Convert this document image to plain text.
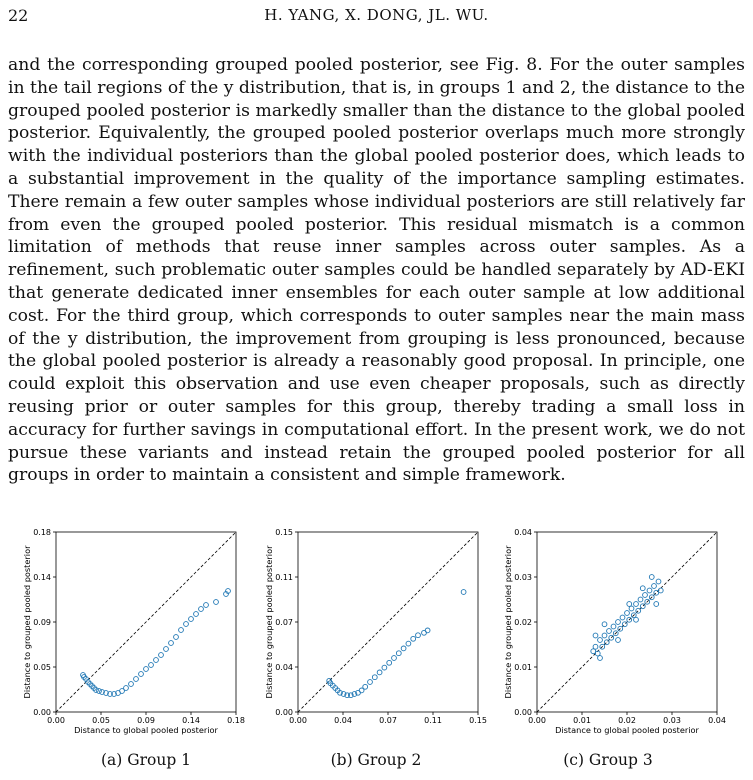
22	H. YANG, X. DONG, JL. WU.

and the corresponding grouped pooled posterior, see Fig. 8. For the outer samples in the tail regions of the y distribution, that is, in groups 1 and 2, the distance to the grouped pooled posterior is markedly smaller than the distance to the global pooled posterior. Equivalently, the grouped pooled posterior overlaps much more strongly with the individual posteriors than the global pooled posterior does, which leads to a substantial improvement in the quality of the importance sampling estimates. There remain a few outer samples whose individual posteriors are still relatively far from even the grouped pooled posterior. This residual mismatch is a common limitation of methods that reuse inner samples across outer samples. As a refinement, such problematic outer samples could be handled separately by AD-EKI that generate dedicated inner ensembles for each outer sample at low additional cost. For the third group, which corresponds to outer samples near the main mass of the y distribution, the improvement from grouping is less pronounced, because the global pooled posterior is already a reasonably good proposal. In principle, one could exploit this observation and use even cheaper proposals, such as directly reusing prior or outer samples for this group, thereby trading a small loss in accuracy for further savings in computational effort. In the present work, we do not pursue these variants and instead retain the grouped pooled posterior for all groups in order to maintain a consistent and simple framework.

0.00	0.05	0.09	0.14	0.18
0.00
0.05
0.09
0.14
0.18
Distance to global pooled posterior
Distance to grouped pooled posterior
0.00	0.04	0.07	0.11	0.15
0.00
0.04
0.07
0.11
0.15
Distance to grouped pooled posterior
0.00	0.01	0.02	0.03	0.04
0.00
0.01
0.02
0.03
0.04
Distance to global pooled posterior
Distance to grouped pooled posterior
(a) Group 1	(b) Group 2	(c) Group 3
